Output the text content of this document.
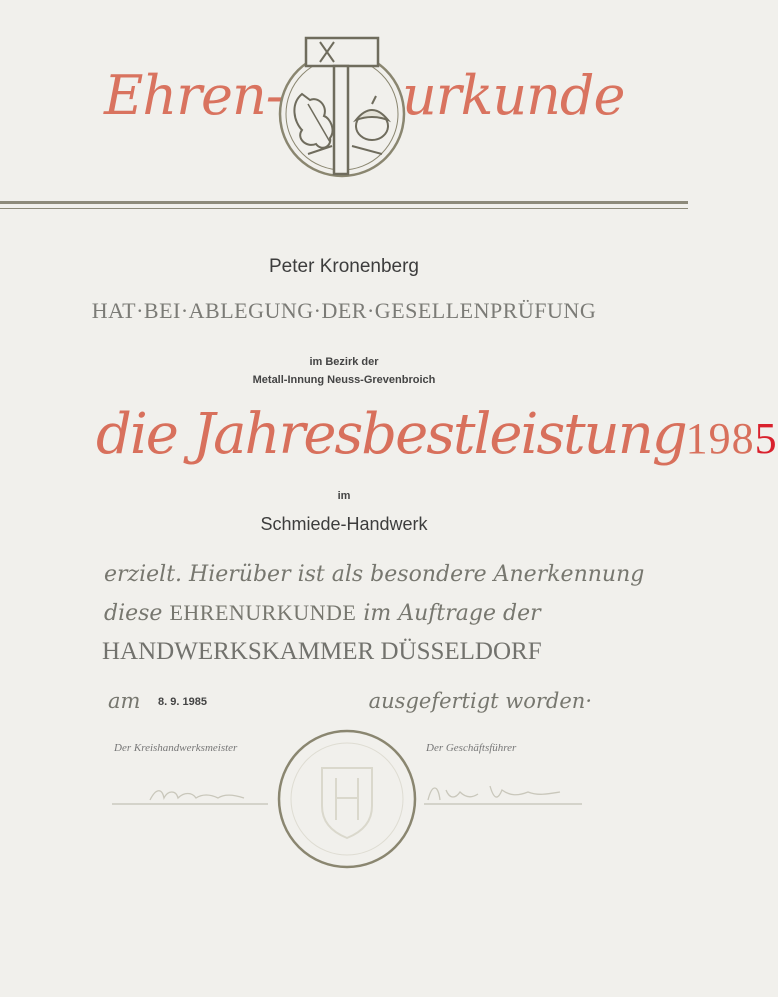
Ehren- urkunde
Peter Kronenberg
HAT·BEI·ABLEGUNG·DER·GESELLENPRÜFUNG
im Bezirk der
Metall-Innung Neuss-Grevenbroich
die Jahresbestleistung1985
im
Schmiede-Handwerk
erzielt. Hierüber ist als besondere Anerkennung
diese EHRENURKUNDE im Auftrage der
HANDWERKSKAMMER DÜSSELDORF
am	8. 9. 1985	ausgefertigt worden·
Der Kreishandwerksmeister	Der Geschäftsführer
